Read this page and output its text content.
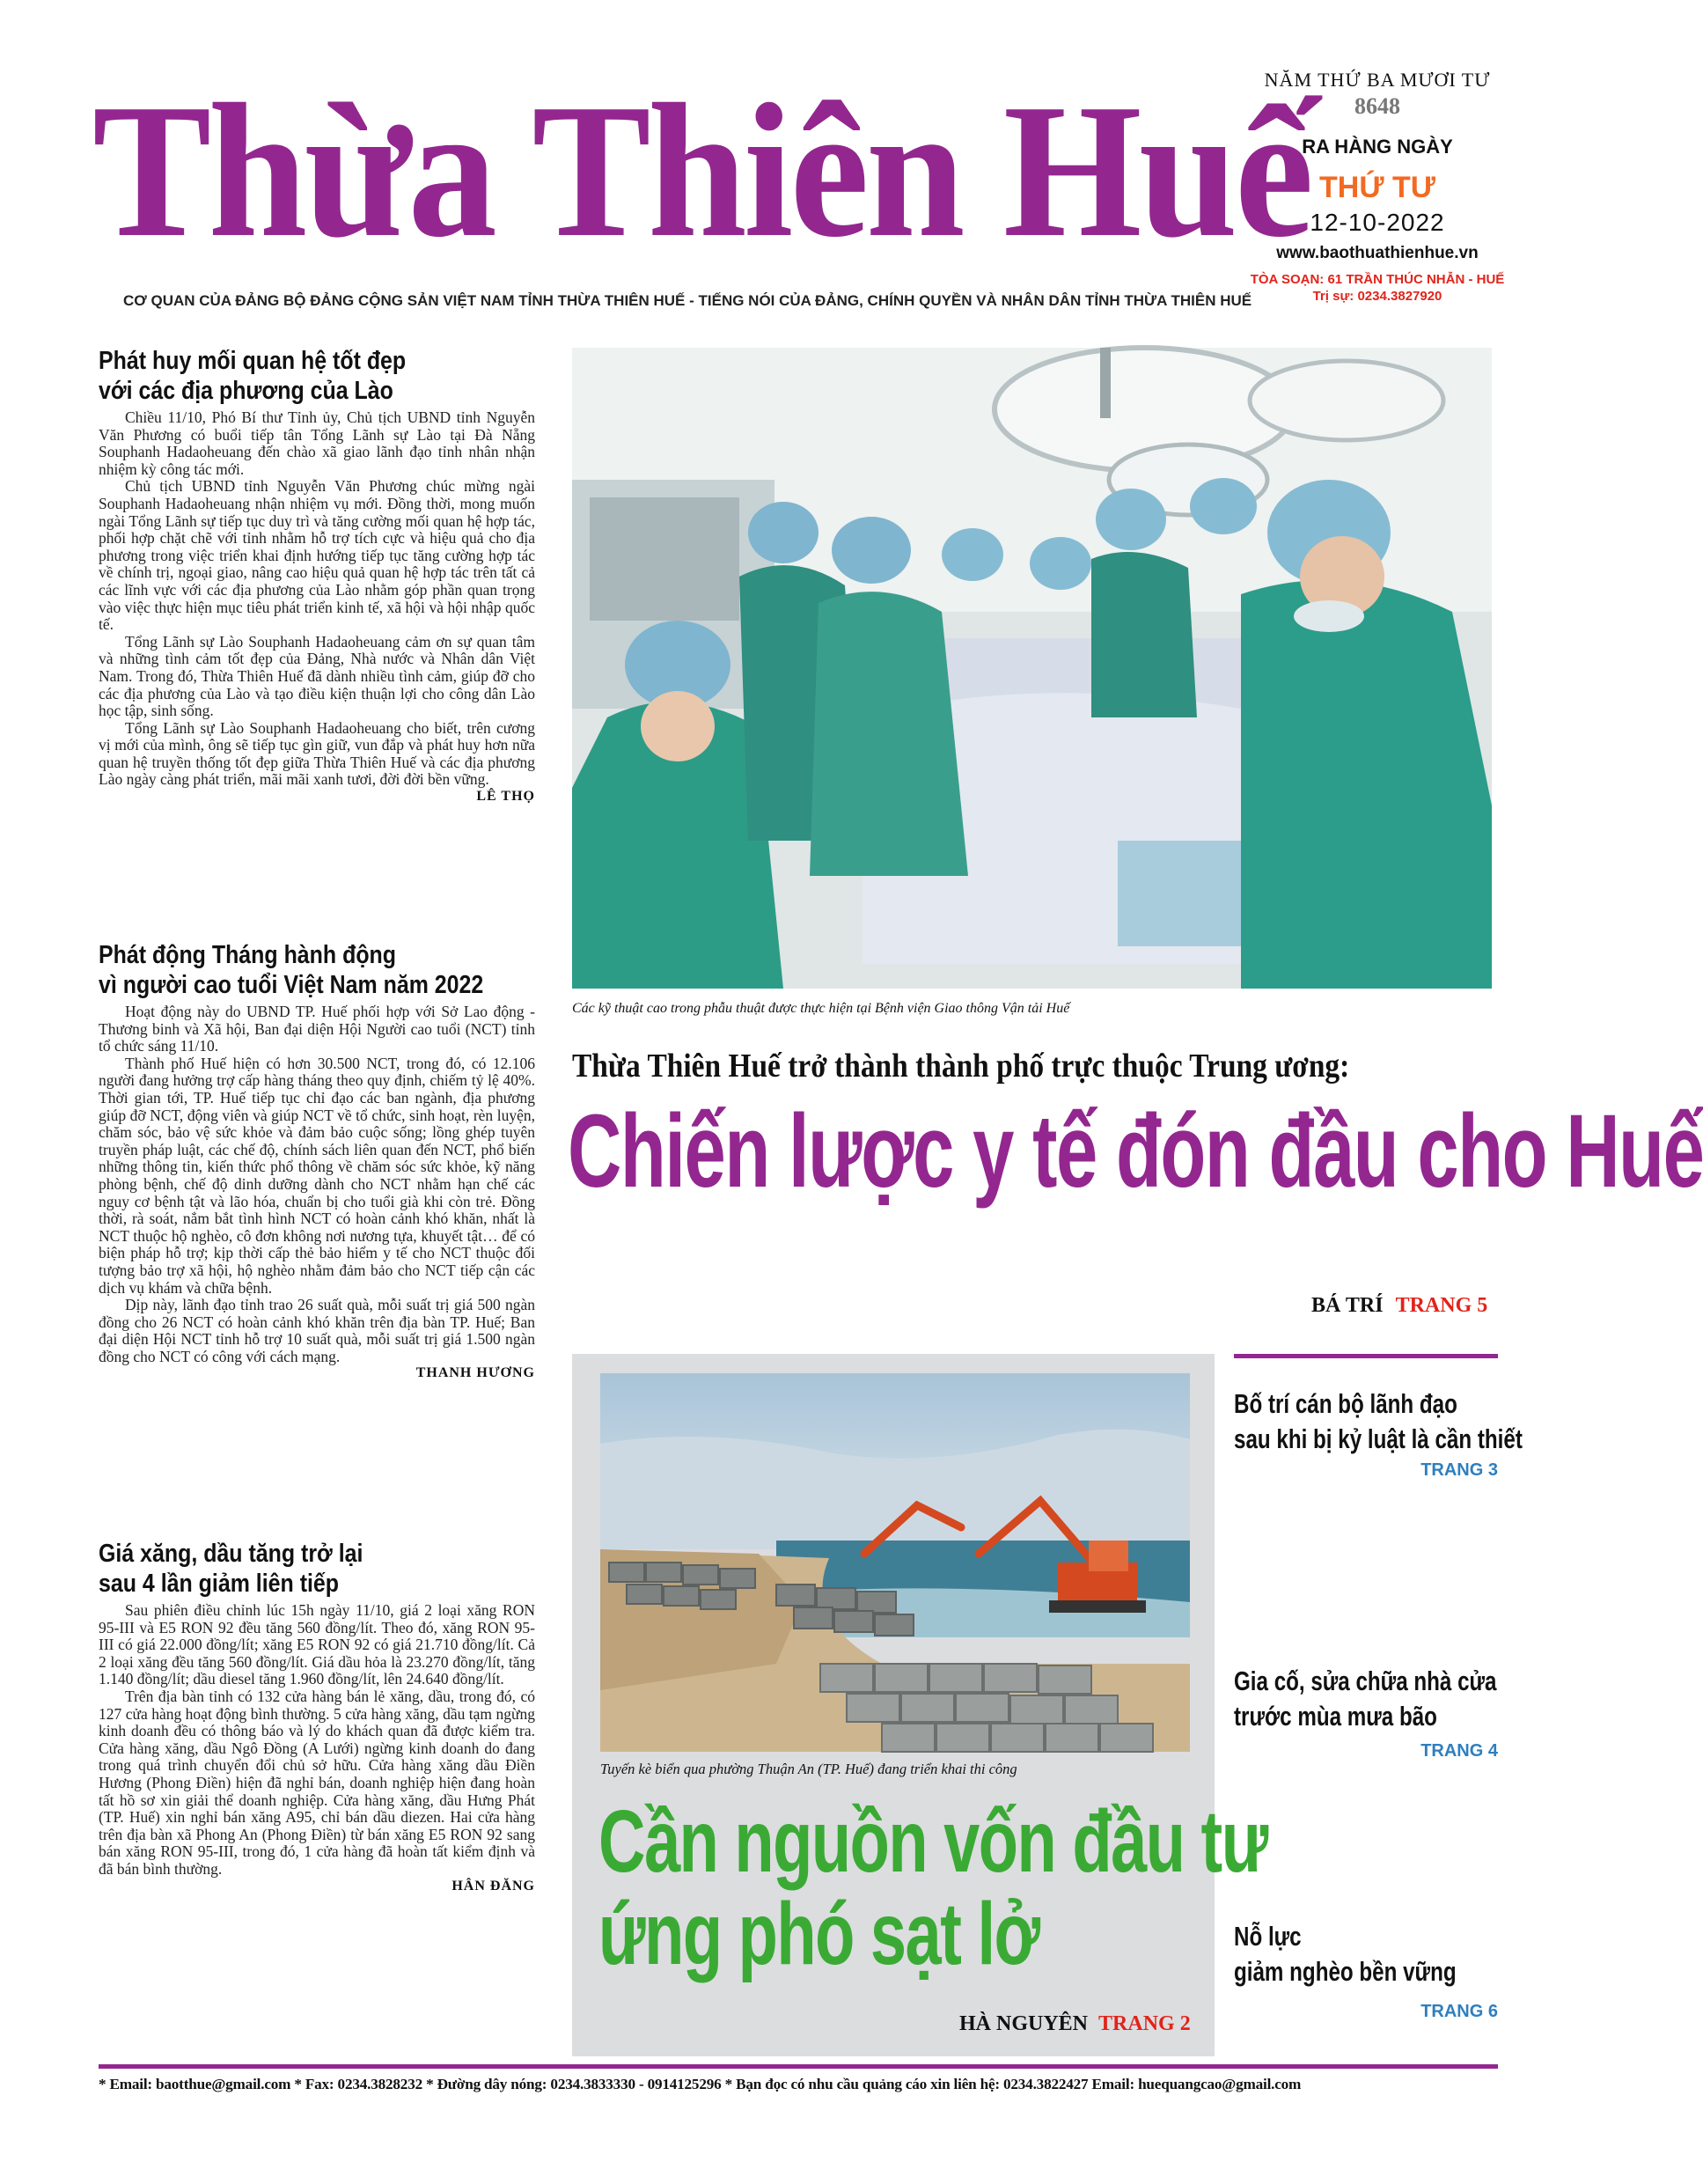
Thừa Thiên Huế
CƠ QUAN CỦA ĐẢNG BỘ ĐẢNG CỘNG SẢN VIỆT NAM TỈNH THỪA THIÊN HUẾ - TIẾNG NÓI CỦA ĐẢNG, CHÍNH QUYỀN VÀ NHÂN DÂN TỈNH THỪA THIÊN HUẾ
NĂM THỨ BA MƯƠI TƯ
8648
RA HÀNG NGÀY
THỨ TƯ
12-10-2022
www.baothuathienhue.vn
TÒA SOẠN: 61 TRẦN THÚC NHẪN - HUẾ
Trị sự: 0234.3827920
Phát huy mối quan hệ tốt đẹp
với các địa phương của Lào

Chiều 11/10, Phó Bí thư Tỉnh ủy, Chủ tịch UBND tỉnh Nguyễn Văn Phương có buổi tiếp tân Tổng Lãnh sự Lào tại Đà Nẵng Souphanh Hadaoheuang đến chào xã giao lãnh đạo tỉnh nhân nhận nhiệm kỳ công tác mới.

Chủ tịch UBND tỉnh Nguyễn Văn Phương chúc mừng ngài Souphanh Hadaoheuang nhận nhiệm vụ mới. Đồng thời, mong muốn ngài Tổng Lãnh sự tiếp tục duy trì và tăng cường mối quan hệ hợp tác, phối hợp chặt chẽ với tỉnh nhằm hỗ trợ tích cực và hiệu quả cho địa phương trong việc triển khai định hướng tiếp tục tăng cường hợp tác về chính trị, ngoại giao, nâng cao hiệu quả quan hệ hợp tác trên tất cả các lĩnh vực với các địa phương của Lào nhằm góp phần quan trọng vào việc thực hiện mục tiêu phát triển kinh tế, xã hội và hội nhập quốc tế.

Tổng Lãnh sự Lào Souphanh Hadaoheuang cảm ơn sự quan tâm và những tình cảm tốt đẹp của Đảng, Nhà nước và Nhân dân Việt Nam. Trong đó, Thừa Thiên Huế đã dành nhiều tình cảm, giúp đỡ cho các địa phương của Lào và tạo điều kiện thuận lợi cho công dân Lào học tập, sinh sống.

Tổng Lãnh sự Lào Souphanh Hadaoheuang cho biết, trên cương vị mới của mình, ông sẽ tiếp tục gìn giữ, vun đắp và phát huy hơn nữa quan hệ truyền thống tốt đẹp giữa Thừa Thiên Huế và các địa phương Lào ngày càng phát triển, mãi mãi xanh tươi, đời đời bền vững.

LÊ THỌ
Phát động Tháng hành động
vì người cao tuổi Việt Nam năm 2022

Hoạt động này do UBND TP. Huế phối hợp với Sở Lao động - Thương binh và Xã hội, Ban đại diện Hội Người cao tuổi (NCT) tỉnh tổ chức sáng 11/10.

Thành phố Huế hiện có hơn 30.500 NCT, trong đó, có 12.106 người đang hưởng trợ cấp hàng tháng theo quy định, chiếm tỷ lệ 40%. Thời gian tới, TP. Huế tiếp tục chỉ đạo các ban ngành, địa phương giúp đỡ NCT, động viên và giúp NCT về tổ chức, sinh hoạt, rèn luyện, chăm sóc, bảo vệ sức khỏe và đảm bảo cuộc sống; lồng ghép tuyên truyền pháp luật, các chế độ, chính sách liên quan đến NCT, phổ biến những thông tin, kiến thức phổ thông về chăm sóc sức khỏe, kỹ năng phòng bệnh, chế độ dinh dưỡng dành cho NCT nhằm hạn chế các nguy cơ bệnh tật và lão hóa, chuẩn bị cho tuổi già khi còn trẻ. Đồng thời, rà soát, nắm bắt tình hình NCT có hoàn cảnh khó khăn, nhất là NCT thuộc hộ nghèo, cô đơn không nơi nương tựa, khuyết tật… để có biện pháp hỗ trợ; kịp thời cấp thẻ bảo hiểm y tế cho NCT thuộc đối tượng bảo trợ xã hội, hộ nghèo nhằm đảm bảo cho NCT tiếp cận các dịch vụ khám và chữa bệnh.

Dịp này, lãnh đạo tỉnh trao 26 suất quà, mỗi suất trị giá 500 ngàn đồng cho 26 NCT có hoàn cảnh khó khăn trên địa bàn TP. Huế; Ban đại diện Hội NCT tỉnh hỗ trợ 10 suất quà, mỗi suất trị giá 1.500 ngàn đồng cho NCT có công với cách mạng.

THANH HƯƠNG
Giá xăng, dầu tăng trở lại
sau 4 lần giảm liên tiếp

Sau phiên điều chỉnh lúc 15h ngày 11/10, giá 2 loại xăng RON 95-III và E5 RON 92 đều tăng 560 đồng/lít. Theo đó, xăng RON 95-III có giá 22.000 đồng/lít; xăng E5 RON 92 có giá 21.710 đồng/lít. Cả 2 loại xăng đều tăng 560 đồng/lít. Giá dầu hỏa là 23.270 đồng/lít, tăng 1.140 đồng/lít; dầu diesel tăng 1.960 đồng/lít, lên 24.640 đồng/lít.

Trên địa bàn tỉnh có 132 cửa hàng bán lẻ xăng, dầu, trong đó, có 127 cửa hàng hoạt động bình thường. 5 cửa hàng xăng, dầu tạm ngừng kinh doanh đều có thông báo và lý do khách quan đã được kiểm tra. Cửa hàng xăng, dầu Ngô Đồng (A Lưới) ngừng kinh doanh do đang trong quá trình chuyển đổi chủ sở hữu. Cửa hàng xăng dầu Điền Hương (Phong Điền) hiện đã nghỉ bán, doanh nghiệp hiện đang hoàn tất hồ sơ xin giải thể doanh nghiệp. Cửa hàng xăng, dầu Hưng Phát (TP. Huế) xin nghỉ bán xăng A95, chỉ bán dầu diezen. Hai cửa hàng trên địa bàn xã Phong An (Phong Điền) từ bán xăng E5 RON 92 sang bán xăng RON 95-III, trong đó, 1 cửa hàng đã hoàn tất kiểm định và đã bán bình thường.

HÂN ĐĂNG
Các kỹ thuật cao trong phẫu thuật được thực hiện tại Bệnh viện Giao thông Vận tải Huế
Thừa Thiên Huế trở thành thành phố trực thuộc Trung ương:
Chiến lược y tế đón đầu cho Huế
BÁ TRÍ TRANG 5
Tuyến kè biển qua phường Thuận An (TP. Huế) đang triển khai thi công
Cần nguồn vốn đầu tư
ứng phó sạt lở
HÀ NGUYÊN TRANG 2
Bố trí cán bộ lãnh đạo
sau khi bị kỷ luật là cần thiết
TRANG 3
Gia cố, sửa chữa nhà cửa
trước mùa mưa bão
TRANG 4
Nỗ lực
giảm nghèo bền vững
TRANG 6
* Email: baotthue@gmail.com * Fax: 0234.3828232 * Đường dây nóng: 0234.3833330 - 0914125296 * Bạn đọc có nhu cầu quảng cáo xin liên hệ: 0234.3822427 Email: huequangcao@gmail.com
